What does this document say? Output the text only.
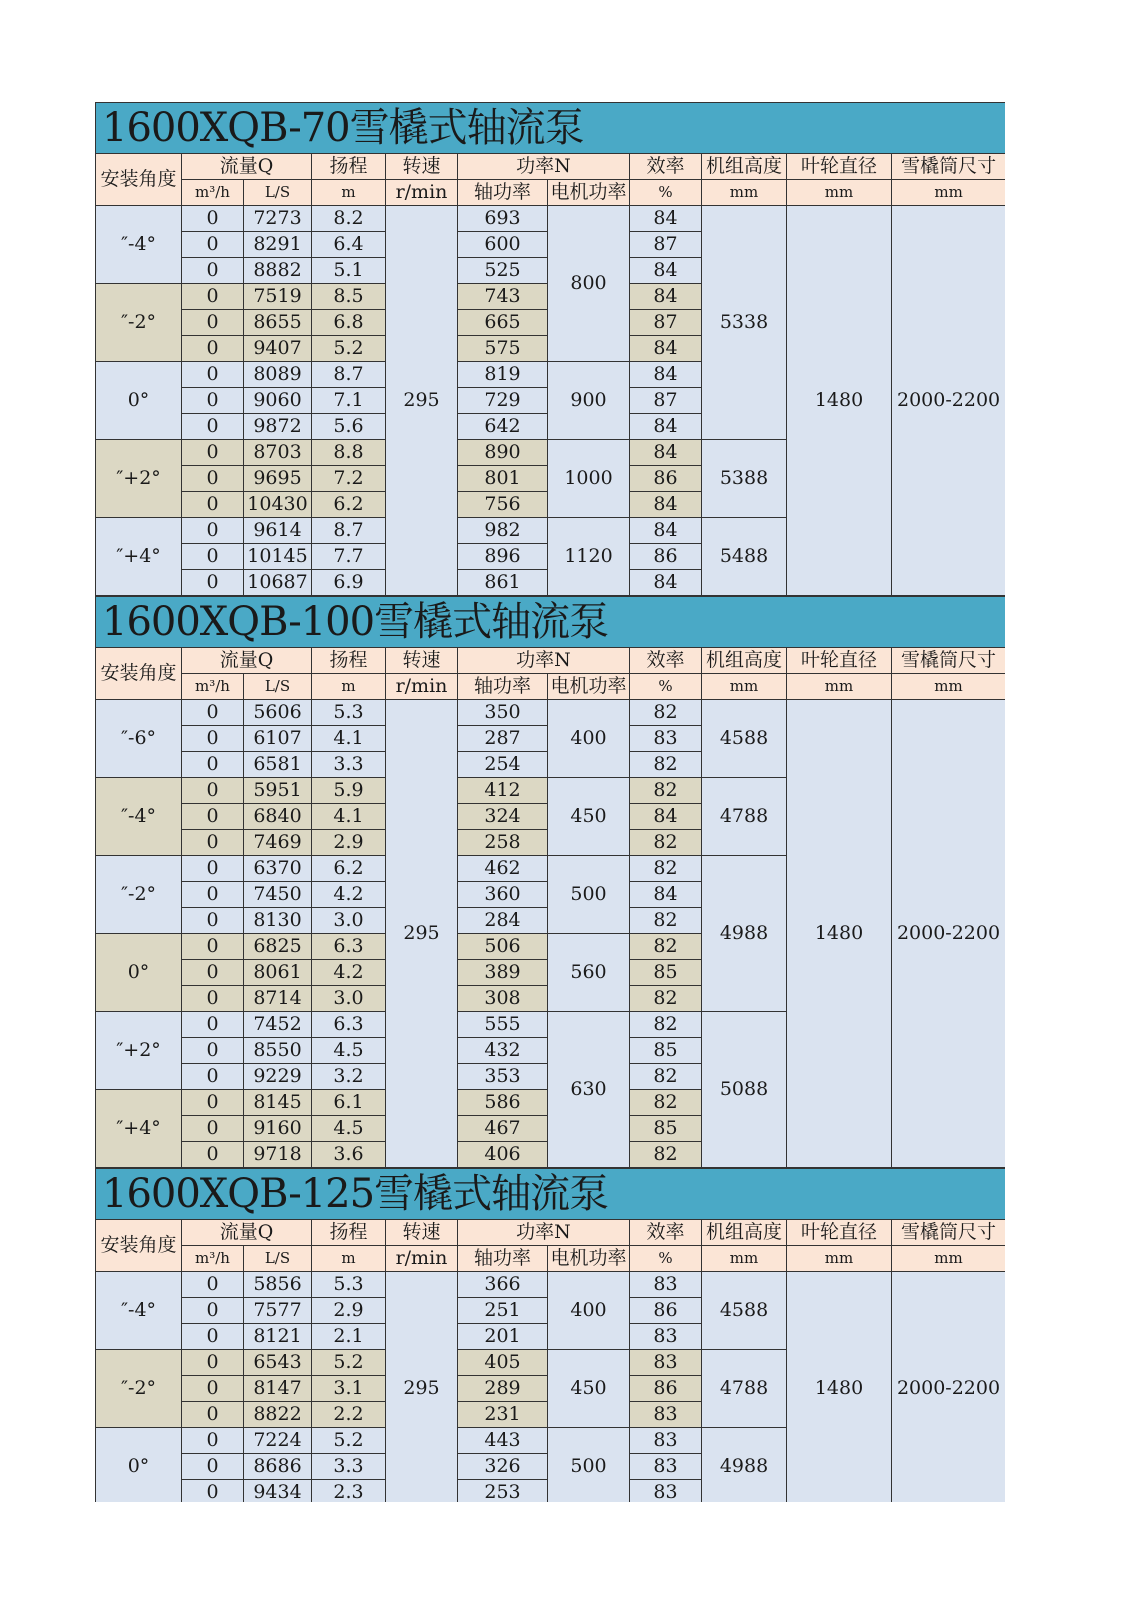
1600XQB-70雪橇式轴流泵										
安装角度	流量Q		扬程	转速	功率N		效率	机组高度	叶轮直径	雪橇筒尺寸
	m³/h	L/S	m	r/min	轴功率	电机功率	%	mm	mm	mm
″-4°	0	7273	8.2	295	693	800	84	5338	1480	2000-2200
	0	8291	6.4		600		87			
	0	8882	5.1		525		84			
″-2°	0	7519	8.5		743		84			
	0	8655	6.8		665		87			
	0	9407	5.2		575		84			
0°	0	8089	8.7		819	900	84			
	0	9060	7.1		729		87			
	0	9872	5.6		642		84			
″+2°	0	8703	8.8		890	1000	84	5388		
	0	9695	7.2		801		86			
	0	10430	6.2		756		84			
″+4°	0	9614	8.7		982	1120	84	5488		
	0	10145	7.7		896		86			
	0	10687	6.9		861		84			
1600XQB-100雪橇式轴流泵										
安装角度	流量Q		扬程	转速	功率N		效率	机组高度	叶轮直径	雪橇筒尺寸
	m³/h	L/S	m	r/min	轴功率	电机功率	%	mm	mm	mm
″-6°	0	5606	5.3	295	350	400	82	4588	1480	2000-2200
	0	6107	4.1		287		83			
	0	6581	3.3		254		82			
″-4°	0	5951	5.9		412	450	82	4788		
	0	6840	4.1		324		84			
	0	7469	2.9		258		82			
″-2°	0	6370	6.2		462	500	82	4988		
	0	7450	4.2		360		84			
	0	8130	3.0		284		82			
0°	0	6825	6.3		506	560	82			
	0	8061	4.2		389		85			
	0	8714	3.0		308		82			
″+2°	0	7452	6.3		555	630	82	5088		
	0	8550	4.5		432		85			
	0	9229	3.2		353		82			
″+4°	0	8145	6.1		586		82			
	0	9160	4.5		467		85			
	0	9718	3.6		406		82			
1600XQB-125雪橇式轴流泵										
安装角度	流量Q		扬程	转速	功率N		效率	机组高度	叶轮直径	雪橇筒尺寸
	m³/h	L/S	m	r/min	轴功率	电机功率	%	mm	mm	mm
″-4°	0	5856	5.3	295	366	400	83	4588	1480	2000-2200
	0	7577	2.9		251		86			
	0	8121	2.1		201		83			
″-2°	0	6543	5.2		405	450	83	4788		
	0	8147	3.1		289		86			
	0	8822	2.2		231		83			
0°	0	7224	5.2		443	500	83	4988		
	0	8686	3.3		326		83			
	0	9434	2.3		253		83			
